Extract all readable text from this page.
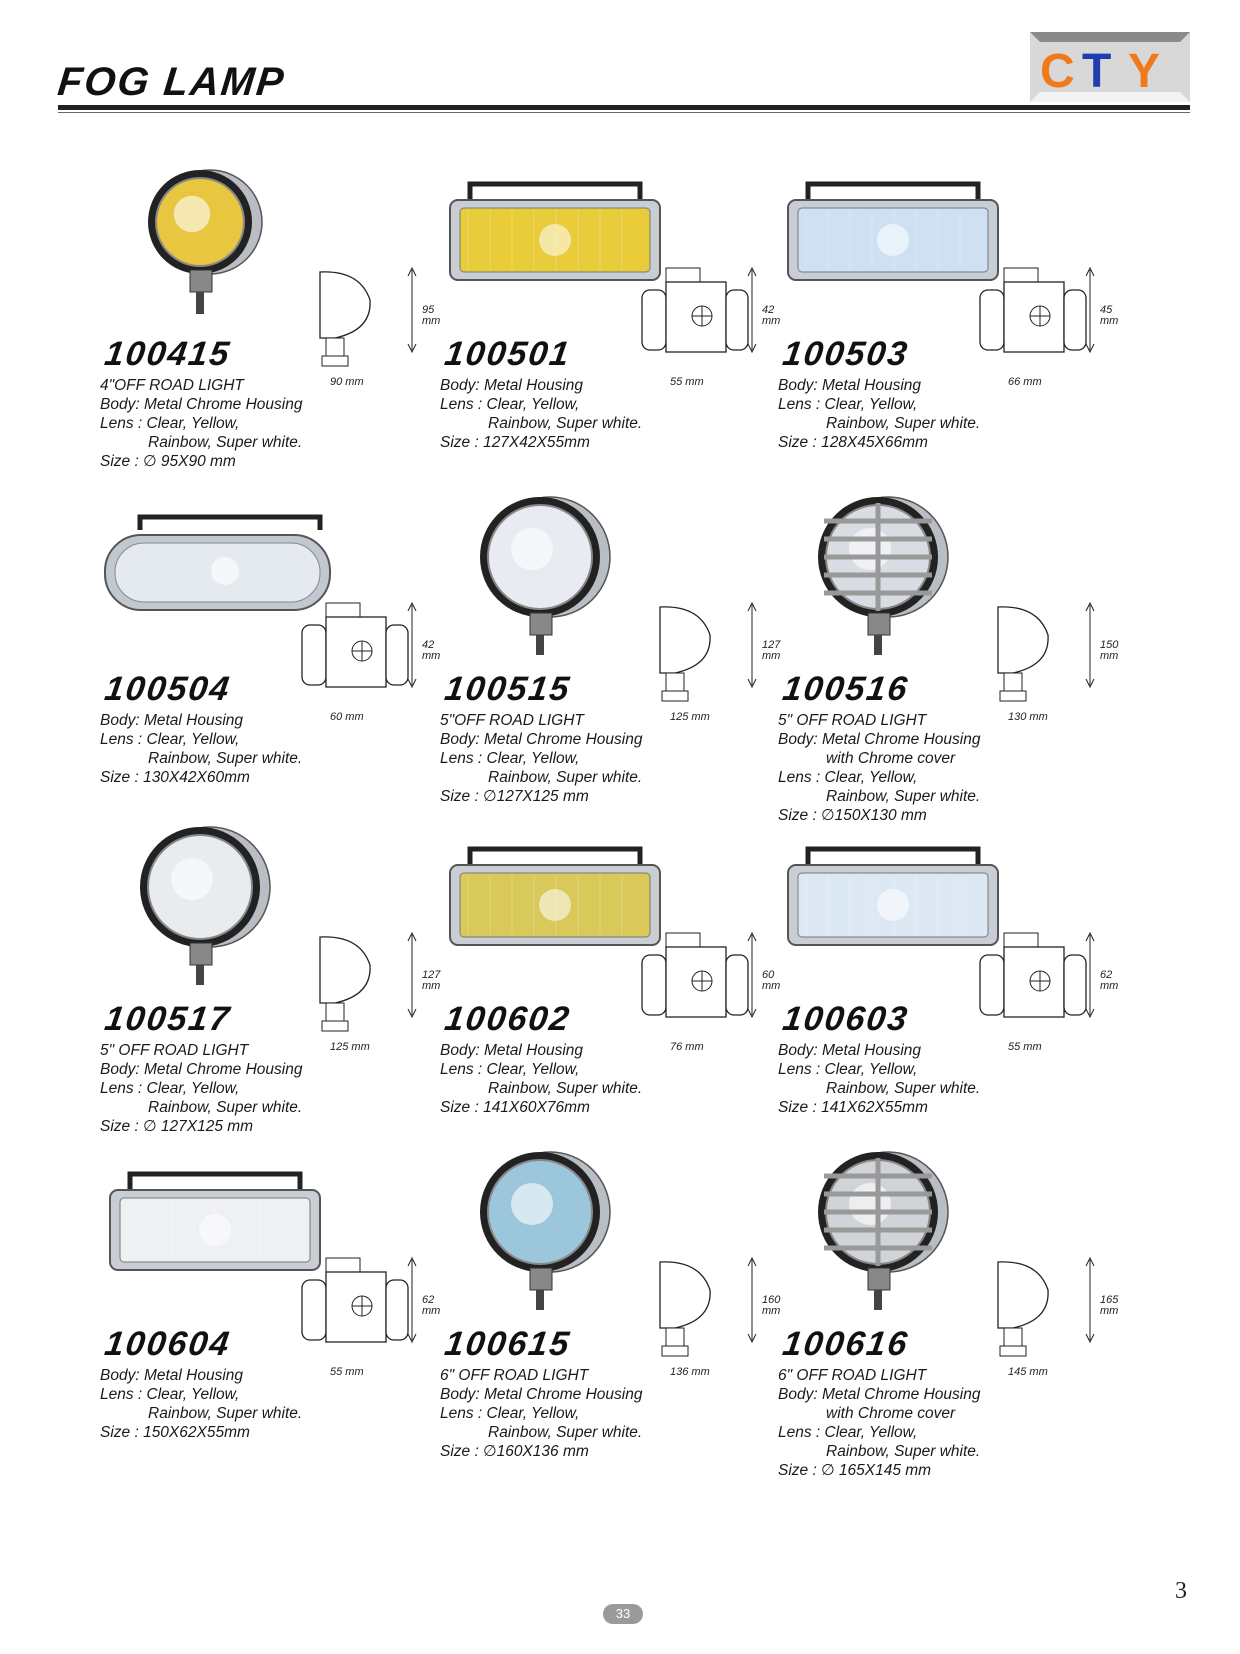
FOG LAMP	C T Y
95
mm
90 mm
100415
4"OFF ROAD LIGHT
Body: Metal Chrome Housing
Lens : Clear, Yellow,
Rainbow, Super white.
Size : ∅ 95X90 mm
42
mm
55 mm
100501
Body: Metal Housing
Lens : Clear, Yellow,
Rainbow, Super white.
Size : 127X42X55mm
45
mm
66 mm
100503
Body: Metal Housing
Lens : Clear, Yellow,
Rainbow, Super white.
Size : 128X45X66mm
42
mm
60 mm
100504
Body: Metal Housing
Lens : Clear, Yellow,
Rainbow, Super white.
Size : 130X42X60mm
127
mm
125 mm
100515
5"OFF ROAD LIGHT
Body: Metal Chrome Housing
Lens : Clear, Yellow,
Rainbow, Super white.
Size : ∅127X125 mm
150
mm
130 mm
100516
5" OFF ROAD LIGHT
Body: Metal Chrome Housing
with Chrome cover
Lens : Clear, Yellow,
Rainbow, Super white.
Size : ∅150X130 mm
127
mm
125 mm
100517
5" OFF ROAD LIGHT
Body: Metal Chrome Housing
Lens : Clear, Yellow,
Rainbow, Super white.
Size : ∅ 127X125 mm
60
mm
76 mm
100602
Body: Metal Housing
Lens : Clear, Yellow,
Rainbow, Super white.
Size : 141X60X76mm
62
mm
55 mm
100603
Body: Metal Housing
Lens : Clear, Yellow,
Rainbow, Super white.
Size : 141X62X55mm
62
mm
55 mm
100604
Body: Metal Housing
Lens : Clear, Yellow,
Rainbow, Super white.
Size : 150X62X55mm
160
mm
136 mm
100615
6" OFF ROAD LIGHT
Body: Metal Chrome Housing
Lens : Clear, Yellow,
Rainbow, Super white.
Size : ∅160X136 mm
165
mm
145 mm
100616
6" OFF ROAD LIGHT
Body: Metal Chrome Housing
with Chrome cover
Lens : Clear, Yellow,
Rainbow, Super white.
Size : ∅ 165X145 mm
33
3
